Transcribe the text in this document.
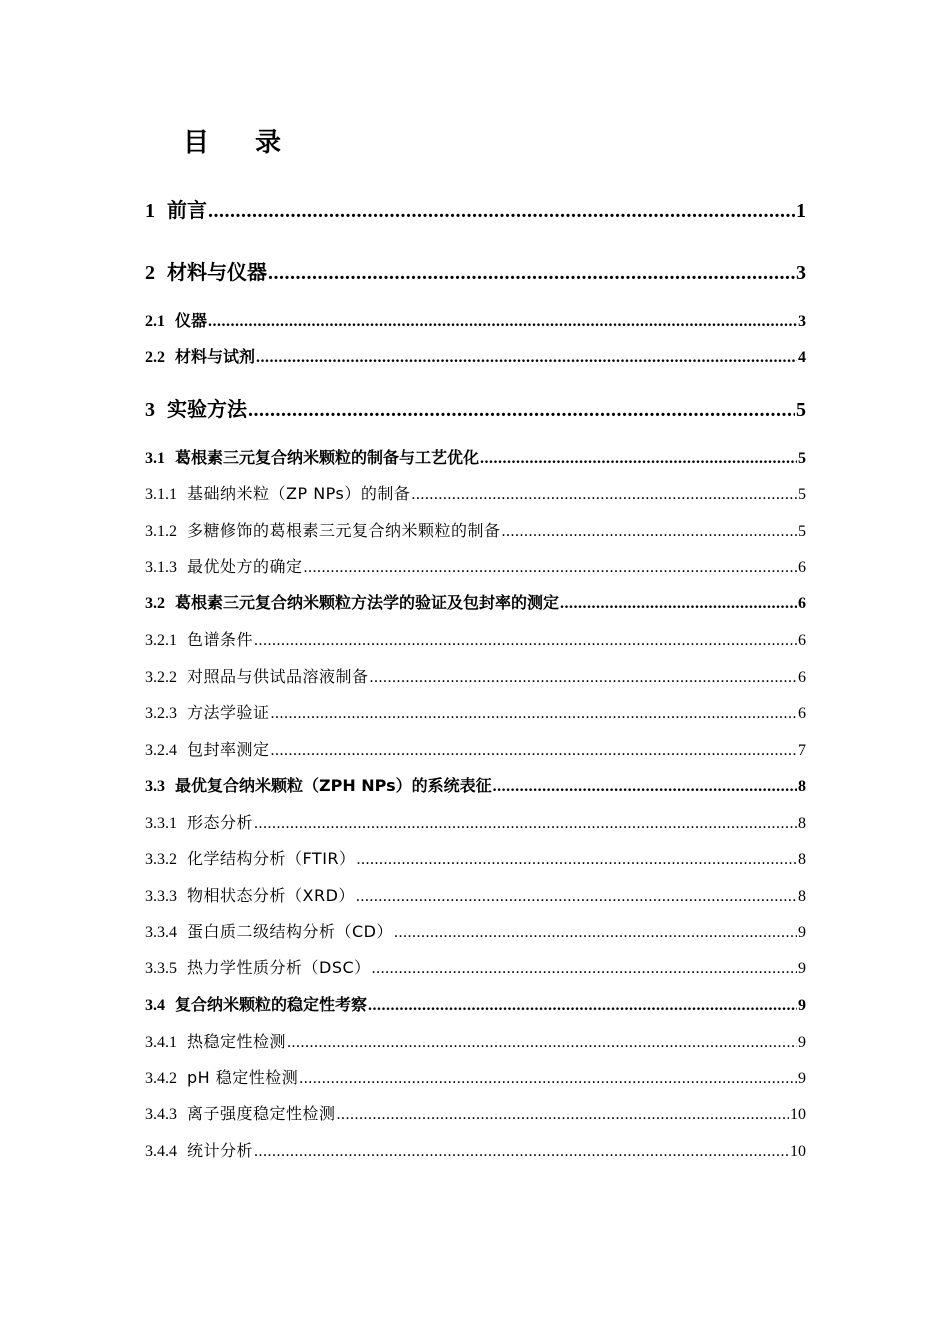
目 录
1 前言 .....	1
2 材料与仪器 .....	3
2.1 仪器 .....	3
2.2 材料与试剂 .....	4
3 实验方法 .....	5
3.1 葛根素三元复合纳米颗粒的制备与工艺优化 .....	5
3.1.1 基础纳米粒（ZP NPs）的制备 .....	5
3.1.2 多糖修饰的葛根素三元复合纳米颗粒的制备 .....	5
3.1.3 最优处方的确定 .....	6
3.2 葛根素三元复合纳米颗粒方法学的验证及包封率的测定 .....	6
3.2.1 色谱条件 .....	6
3.2.2 对照品与供试品溶液制备 .....	6
3.2.3 方法学验证 .....	6
3.2.4 包封率测定 .....	7
3.3 最优复合纳米颗粒（ZPH NPs）的系统表征 .....	8
3.3.1 形态分析 .....	8
3.3.2 化学结构分析（FTIR） .....	8
3.3.3 物相状态分析（XRD） .....	8
3.3.4 蛋白质二级结构分析（CD） .....	9
3.3.5 热力学性质分析（DSC） .....	9
3.4 复合纳米颗粒的稳定性考察 .....	9
3.4.1 热稳定性检测 .....	9
3.4.2 pH 稳定性检测 .....	9
3.4.3 离子强度稳定性检测 .....	10
3.4.4 统计分析 .....	10
